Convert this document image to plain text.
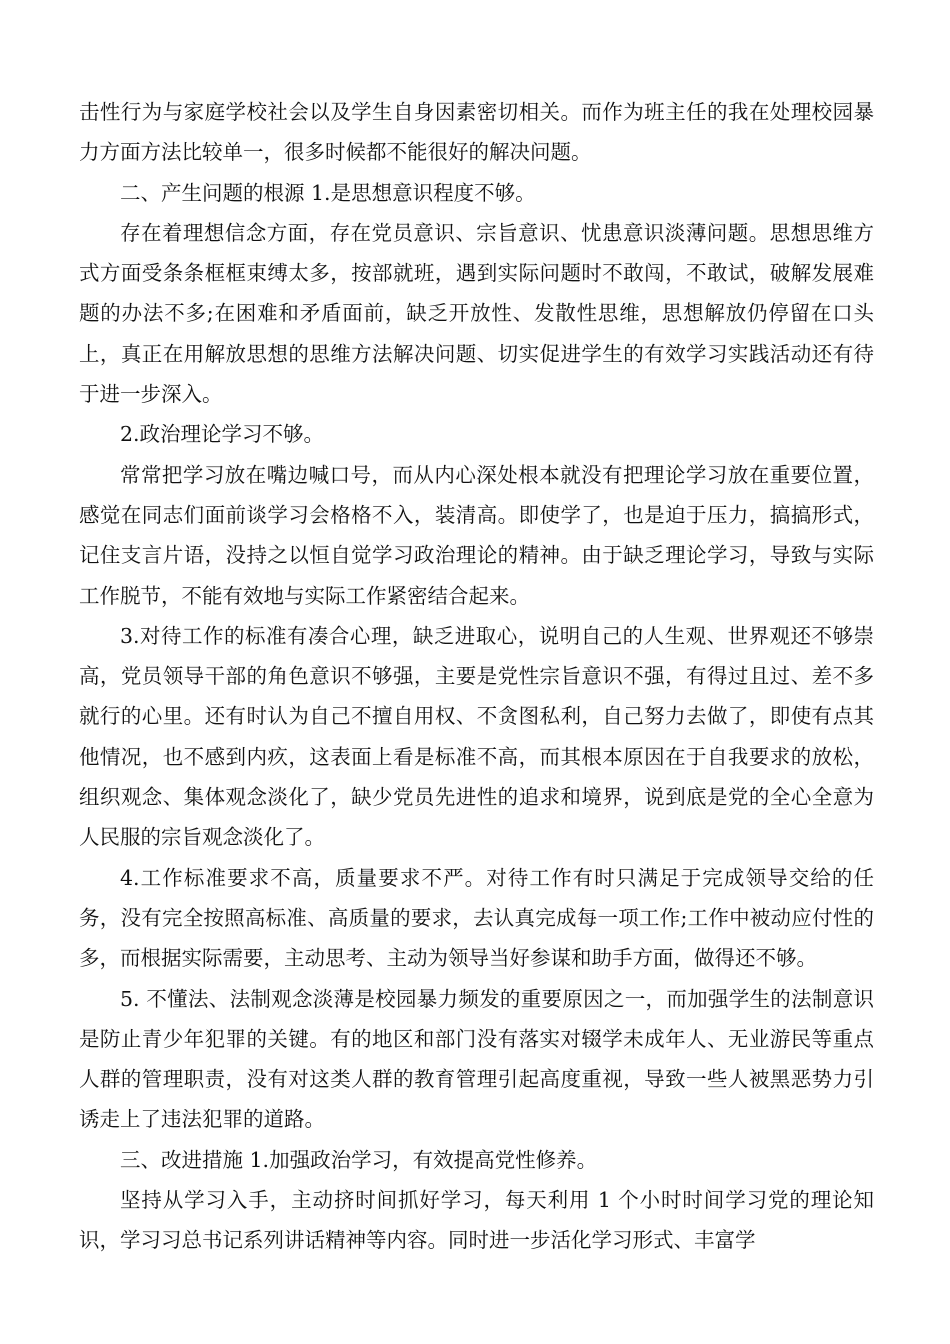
击性行为与家庭学校社会以及学生自身因素密切相关。而作为班主任的我在处理校园暴力方面方法比较单一，很多时候都不能很好的解决问题。

二、产生问题的根源 1.是思想意识程度不够。

存在着理想信念方面，存在党员意识、宗旨意识、忧患意识淡薄问题。思想思维方式方面受条条框框束缚太多，按部就班，遇到实际问题时不敢闯，不敢试，破解发展难题的办法不多;在困难和矛盾面前，缺乏开放性、发散性思维，思想解放仍停留在口头上，真正在用解放思想的思维方法解决问题、切实促进学生的有效学习实践活动还有待于进一步深入。

2.政治理论学习不够。

常常把学习放在嘴边喊口号，而从内心深处根本就没有把理论学习放在重要位置，感觉在同志们面前谈学习会格格不入，装清高。即使学了，也是迫于压力，搞搞形式，记住支言片语，没持之以恒自觉学习政治理论的精神。由于缺乏理论学习，导致与实际工作脱节，不能有效地与实际工作紧密结合起来。

3.对待工作的标准有凑合心理，缺乏进取心，说明自己的人生观、世界观还不够崇高，党员领导干部的角色意识不够强，主要是党性宗旨意识不强，有得过且过、差不多就行的心里。还有时认为自己不擅自用权、不贪图私利，自己努力去做了，即使有点其他情况，也不感到内疚，这表面上看是标准不高，而其根本原因在于自我要求的放松，组织观念、集体观念淡化了，缺少党员先进性的追求和境界，说到底是党的全心全意为人民服的宗旨观念淡化了。

4.工作标准要求不高，质量要求不严。对待工作有时只满足于完成领导交给的任务，没有完全按照高标准、高质量的要求，去认真完成每一项工作;工作中被动应付性的多，而根据实际需要，主动思考、主动为领导当好参谋和助手方面，做得还不够。

5. 不懂法、法制观念淡薄是校园暴力频发的重要原因之一，而加强学生的法制意识是防止青少年犯罪的关键。有的地区和部门没有落实对辍学未成年人、无业游民等重点人群的管理职责，没有对这类人群的教育管理引起高度重视，导致一些人被黑恶势力引诱走上了违法犯罪的道路。

三、改进措施 1.加强政治学习，有效提高党性修养。

坚持从学习入手，主动挤时间抓好学习，每天利用 1 个小时时间学习党的理论知识，学习习总书记系列讲话精神等内容。同时进一步活化学习形式、丰富学
